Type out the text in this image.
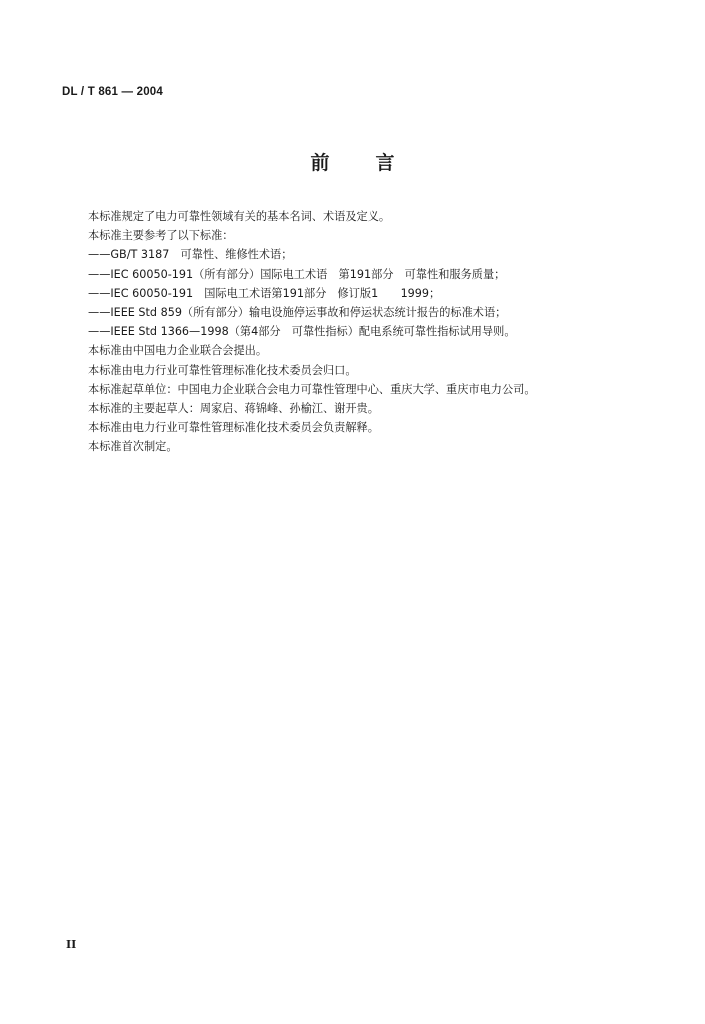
DL / T 861 — 2004
前 言
本标准规定了电力可靠性领域有关的基本名词、术语及定义。
本标准主要参考了以下标准：
——GB/T 3187　可靠性、维修性术语；
——IEC 60050-191（所有部分）国际电工术语　第191部分　可靠性和服务质量；
——IEC 60050-191　国际电工术语第191部分　修订版1　　1999；
——IEEE Std 859（所有部分）输电设施停运事故和停运状态统计报告的标准术语；
——IEEE Std 1366—1998（第4部分　可靠性指标）配电系统可靠性指标试用导则。
本标准由中国电力企业联合会提出。
本标准由电力行业可靠性管理标准化技术委员会归口。
本标准起草单位：中国电力企业联合会电力可靠性管理中心、重庆大学、重庆市电力公司。
本标准的主要起草人：周家启、蒋锦峰、孙榆江、谢开贵。
本标准由电力行业可靠性管理标准化技术委员会负责解释。
本标准首次制定。
II
